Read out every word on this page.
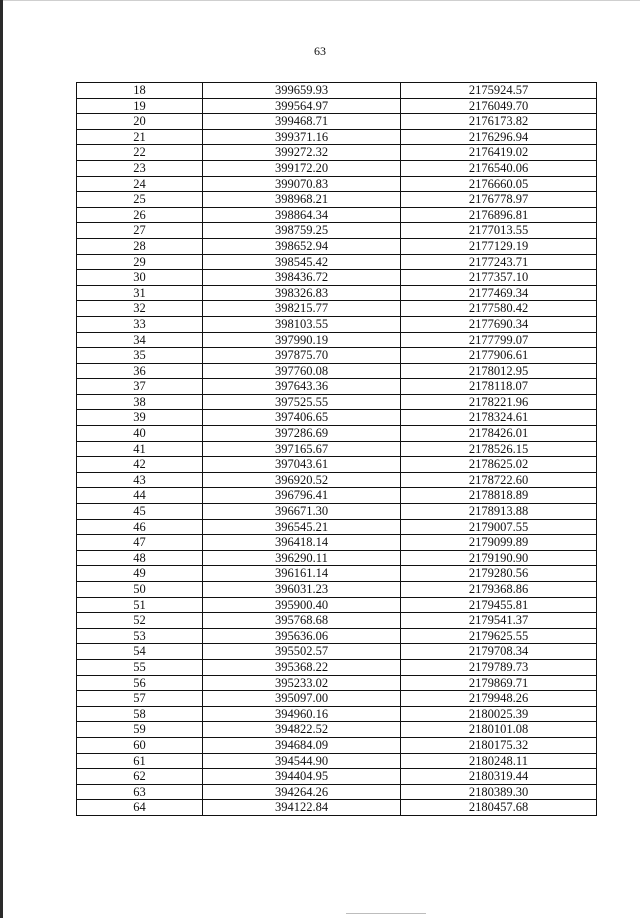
63
18	399659.93	2175924.57
19	399564.97	2176049.70
20	399468.71	2176173.82
21	399371.16	2176296.94
22	399272.32	2176419.02
23	399172.20	2176540.06
24	399070.83	2176660.05
25	398968.21	2176778.97
26	398864.34	2176896.81
27	398759.25	2177013.55
28	398652.94	2177129.19
29	398545.42	2177243.71
30	398436.72	2177357.10
31	398326.83	2177469.34
32	398215.77	2177580.42
33	398103.55	2177690.34
34	397990.19	2177799.07
35	397875.70	2177906.61
36	397760.08	2178012.95
37	397643.36	2178118.07
38	397525.55	2178221.96
39	397406.65	2178324.61
40	397286.69	2178426.01
41	397165.67	2178526.15
42	397043.61	2178625.02
43	396920.52	2178722.60
44	396796.41	2178818.89
45	396671.30	2178913.88
46	396545.21	2179007.55
47	396418.14	2179099.89
48	396290.11	2179190.90
49	396161.14	2179280.56
50	396031.23	2179368.86
51	395900.40	2179455.81
52	395768.68	2179541.37
53	395636.06	2179625.55
54	395502.57	2179708.34
55	395368.22	2179789.73
56	395233.02	2179869.71
57	395097.00	2179948.26
58	394960.16	2180025.39
59	394822.52	2180101.08
60	394684.09	2180175.32
61	394544.90	2180248.11
62	394404.95	2180319.44
63	394264.26	2180389.30
64	394122.84	2180457.68
